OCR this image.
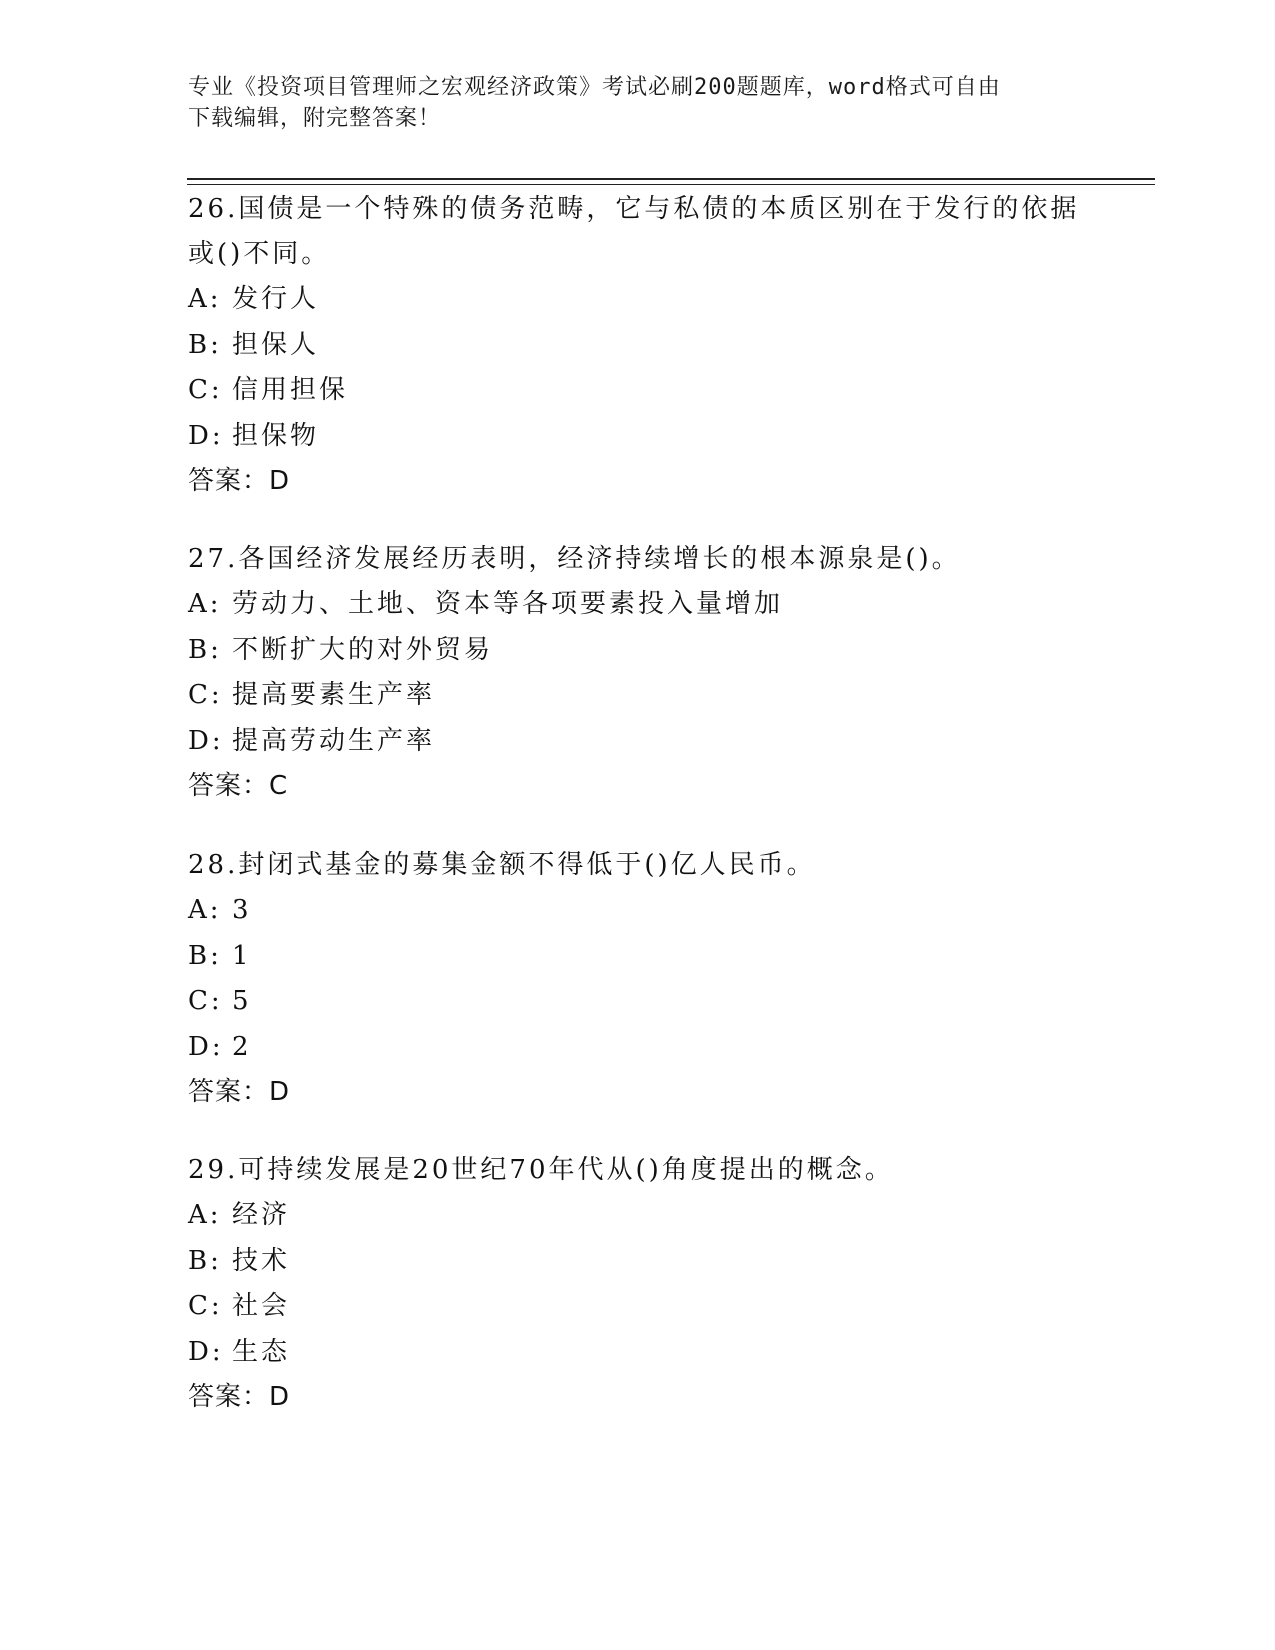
专业《投资项目管理师之宏观经济政策》考试必刷200题题库，word格式可自由
下载编辑，附完整答案！

26.国债是一个特殊的债务范畴，它与私债的本质区别在于发行的依据

或()不同。

A: 发行人

B: 担保人

C: 信用担保

D: 担保物

答案：D

27.各国经济发展经历表明，经济持续增长的根本源泉是()。

A: 劳动力、土地、资本等各项要素投入量增加

B: 不断扩大的对外贸易

C: 提高要素生产率

D: 提高劳动生产率

答案：C

28.封闭式基金的募集金额不得低于()亿人民币。

A: 3

B: 1

C: 5

D: 2

答案：D

29.可持续发展是20世纪70年代从()角度提出的概念。

A: 经济

B: 技术

C: 社会

D: 生态

答案：D
